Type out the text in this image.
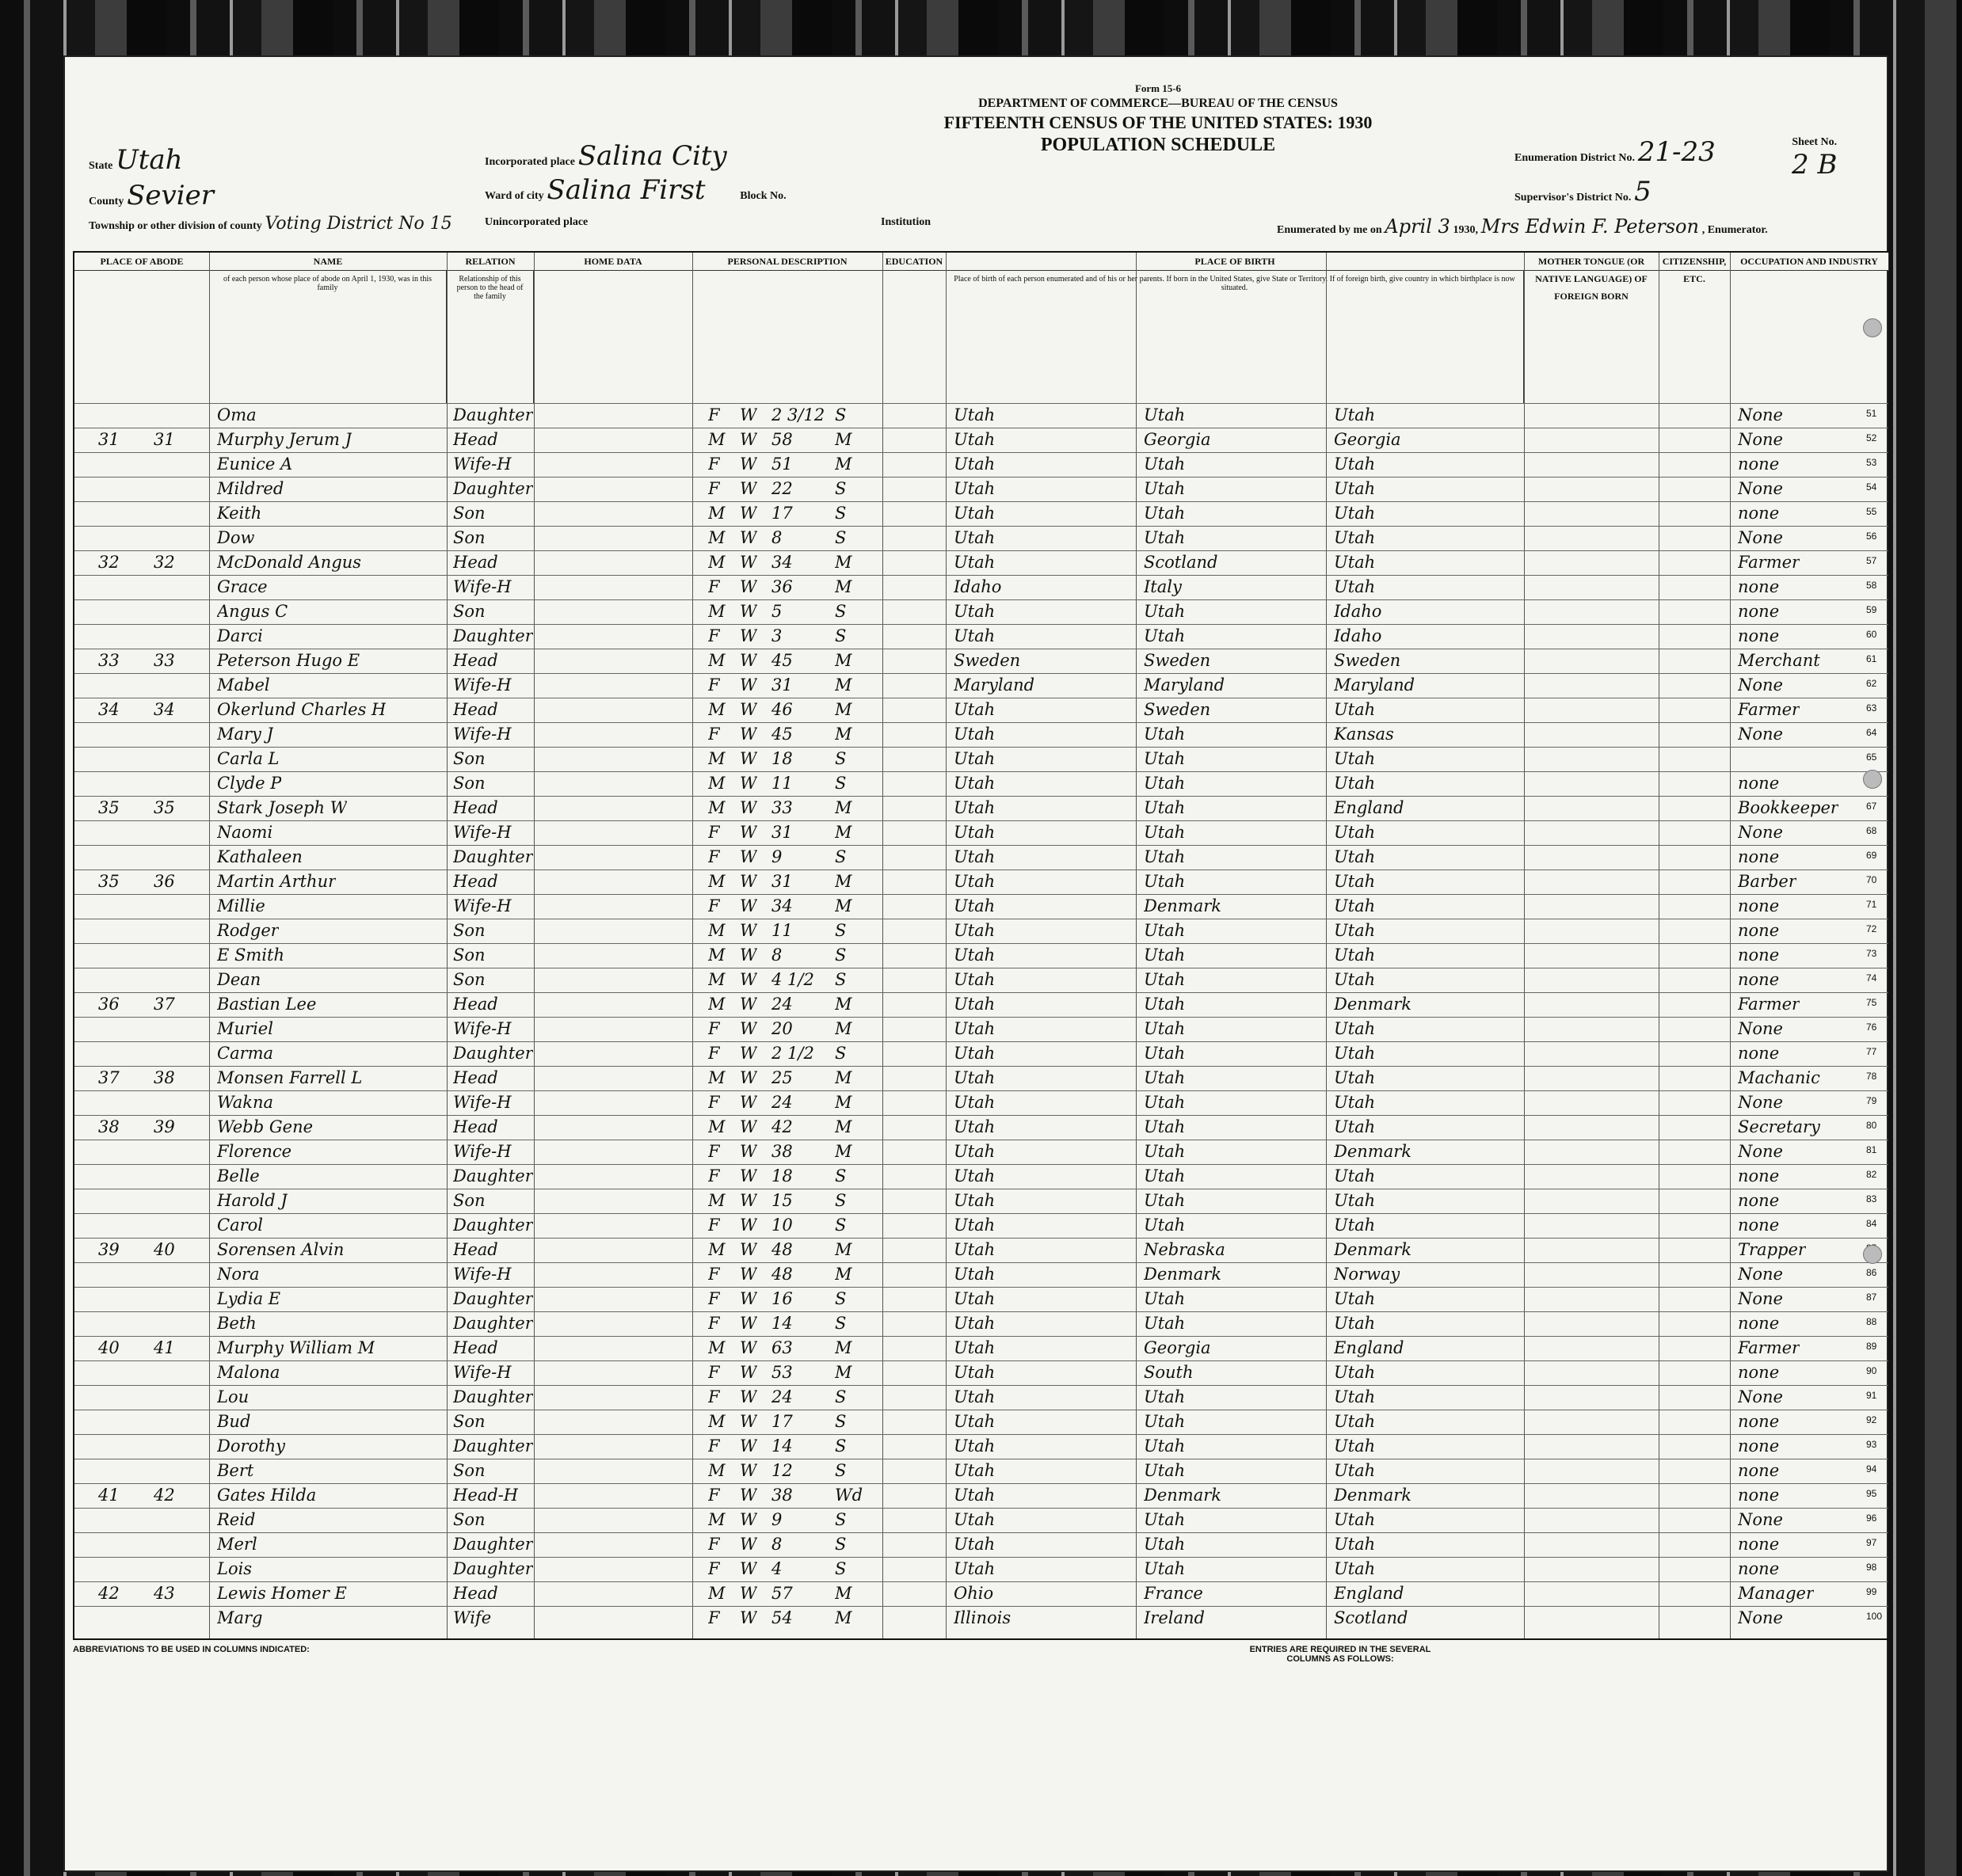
State Utah
County Sevier
Township or other division of county Voting District No 15
Incorporated place Salina City
Ward of city Salina First	Block No.
Unincorporated place
Form 15-6
DEPARTMENT OF COMMERCE—BUREAU OF THE CENSUS
FIFTEENTH CENSUS OF THE UNITED STATES: 1930
POPULATION SCHEDULE
Institution
Enumeration District No. 21-23
Supervisor's District No. 5
Sheet No.
2 B
Enumerated by me on April 3 1930, Mrs Edwin F. Peterson , Enumerator.
PLACE OF ABODE	NAME	RELATION	HOME DATA	PERSONAL DESCRIPTION	EDUCATION	PLACE OF BIRTH	MOTHER TONGUE (OR NATIVE LANGUAGE) OF FOREIGN BORN
CITIZENSHIP, ETC.
OCCUPATION AND INDUSTRY
of each person whose place of abode on April 1, 1930, was in this family
Relationship of this person to the head of the family
Place of birth of each person enumerated and of his or her parents. If born in the United States, give State or Territory. If of foreign birth, give country in which birthplace is now situated.
51
Oma	Daughter	F W 2 3/12 S	Utah	Utah	Utah	None
52
31 31	Murphy Jerum J	Head	M W 58	M	Utah	Georgia	Georgia	None
53
Eunice A	Wife-H	F W 51	M	Utah	Utah	Utah	none
54
Mildred	Daughter	F W 22	S	Utah	Utah	Utah	None
55
Keith	Son	M W 17	S	Utah	Utah	Utah	none
56
Dow	Son	M W 8	S	Utah	Utah	Utah	None
57
32 32	McDonald Angus	Head	M W 34	M	Utah	Scotland	Utah	Farmer
58
Grace	Wife-H	F W 36	M	Idaho	Italy	Utah	none
59
Angus C	Son	M W 5	S	Utah	Utah	Idaho	none
60
Darci	Daughter	F W 3	S	Utah	Utah	Idaho	none
61
33 33	Peterson Hugo E	Head	M W 45	M	Sweden	Sweden	Sweden	Merchant
62
Mabel	Wife-H	F W 31	M	Maryland	Maryland	Maryland	None
63
34 34	Okerlund Charles H	Head	M W 46	M	Utah	Sweden	Utah	Farmer
64
Mary J	Wife-H	F W 45	M	Utah	Utah	Kansas	None
65
Carla L	Son	M W 18	S	Utah	Utah	Utah
Clyde P	Son	M W 11	S	Utah	Utah	Utah	none
67
35 35	Stark Joseph W	Head	M W 33	M	Utah	Utah	England	Bookkeeper
68
Naomi	Wife-H	F W 31	M	Utah	Utah	Utah	None
69
Kathaleen	Daughter	F W 9	S	Utah	Utah	Utah	none
70
35 36	Martin Arthur	Head	M W 31	M	Utah	Utah	Utah	Barber
71
Millie	Wife-H	F W 34	M	Utah	Denmark	Utah	none
72
Rodger	Son	M W 11	S	Utah	Utah	Utah	none
73
E Smith	Son	M W 8	S	Utah	Utah	Utah	none
74
Dean	Son	M W 4 1/2 S	Utah	Utah	Utah	none
75
36 37	Bastian Lee	Head	M W 24	M	Utah	Utah	Denmark	Farmer
76
Muriel	Wife-H	F W 20	M	Utah	Utah	Utah	None
77
Carma	Daughter	F W 2 1/2 S	Utah	Utah	Utah	none
78
37 38	Monsen Farrell L	Head	M W 25	M	Utah	Utah	Utah	Machanic
79
Wakna	Wife-H	F W 24	M	Utah	Utah	Utah	None
80
38 39	Webb Gene	Head	M W 42	M	Utah	Utah	Utah	Secretary
81
Florence	Wife-H	F W 38	M	Utah	Utah	Denmark	None
82
Belle	Daughter	F W 18	S	Utah	Utah	Utah	none
83
Harold J	Son	M W 15	S	Utah	Utah	Utah	none
84
Carol	Daughter	F W 10	S	Utah	Utah	Utah	none
39 40	Sorensen Alvin	Head	M W 48	M	Utah	Nebraska	Denmark	Trapper
86
Nora	Wife-H	F W 48	M	Utah	Denmark	Norway	None
87
Lydia E	Daughter	F W 16	S	Utah	Utah	Utah	None
88
Beth	Daughter	F W 14	S	Utah	Utah	Utah	none
89
40 41	Murphy William M	Head	M W 63	M	Utah	Georgia	England	Farmer
90
Malona	Wife-H	F W 53	M	Utah	South	Utah	none
91
Lou	Daughter	F W 24	S	Utah	Utah	Utah	None
92
Bud	Son	M W 17	S	Utah	Utah	Utah	none
93
Dorothy	Daughter	F W 14	S	Utah	Utah	Utah	none
94
Bert	Son	M W 12	S	Utah	Utah	Utah	none
95
41 42	Gates Hilda	Head-H	F W 38	Wd	Utah	Denmark	Denmark	none
96
Reid	Son	M W 9	S	Utah	Utah	Utah	None
97
Merl	Daughter	F W 8	S	Utah	Utah	Utah	none
98
Lois	Daughter	F W 4	S	Utah	Utah	Utah	none
99
42 43	Lewis Homer E	Head	M W 57	M	Ohio	France	England	Manager
100
Marg	Wife	F W 54	M	Illinois	Ireland	Scotland	None
ABBREVIATIONS TO BE USED IN COLUMNS INDICATED:	ENTRIES ARE REQUIRED IN THE SEVERAL COLUMNS AS FOLLOWS:
